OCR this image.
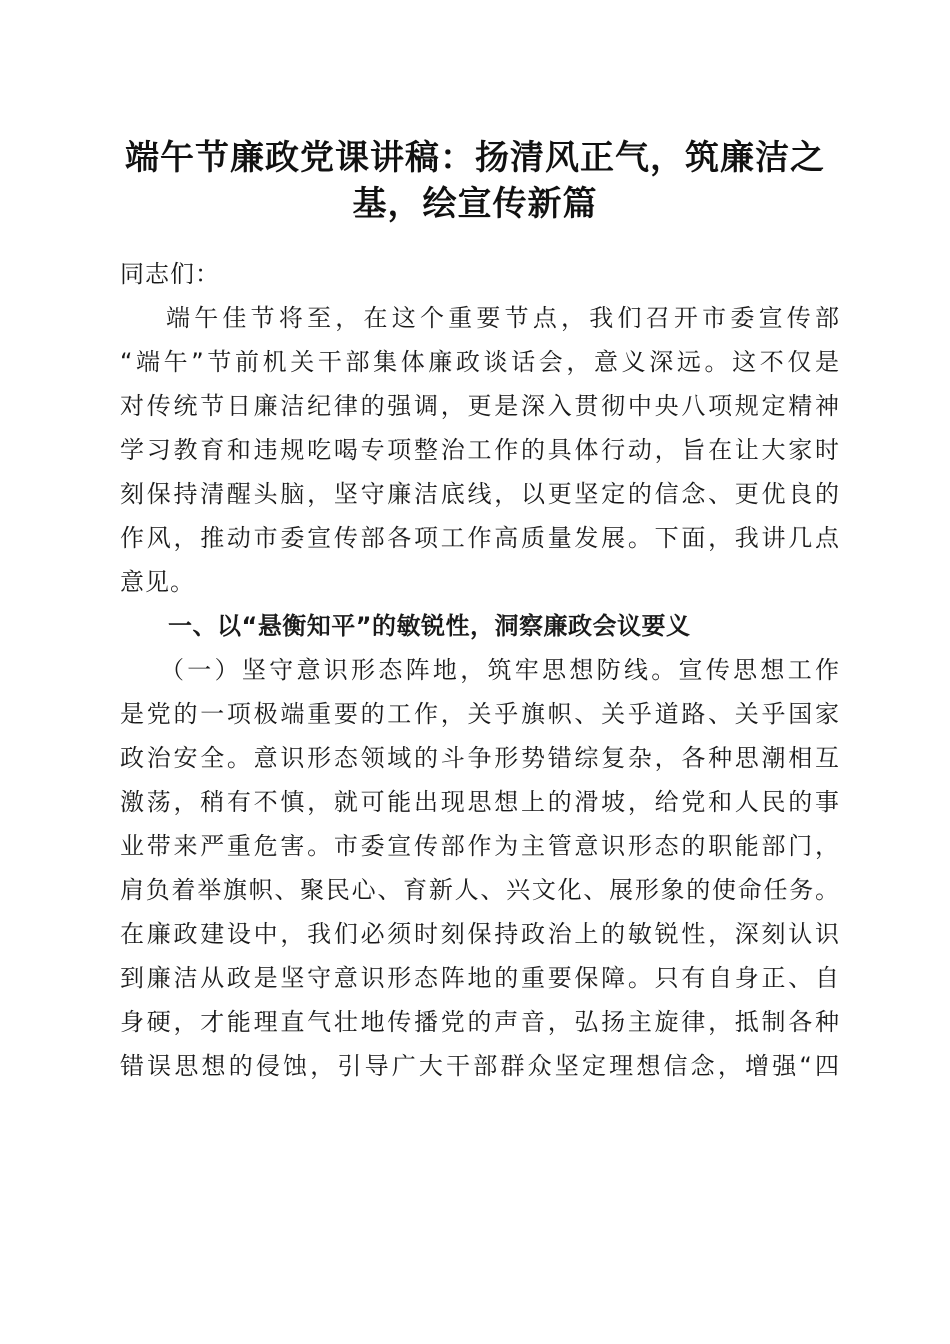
端午节廉政党课讲稿：扬清风正气，筑廉洁之
基，绘宣传新篇
同志们：
端午佳节将至，在这个重要节点，我们召开市委宣传部
“端午”节前机关干部集体廉政谈话会，意义深远。这不仅是
对传统节日廉洁纪律的强调，更是深入贯彻中央八项规定精神
学习教育和违规吃喝专项整治工作的具体行动，旨在让大家时
刻保持清醒头脑，坚守廉洁底线，以更坚定的信念、更优良的
作风，推动市委宣传部各项工作高质量发展。下面，我讲几点
意见。
一、以“悬衡知平”的敏锐性，洞察廉政会议要义
（一）坚守意识形态阵地，筑牢思想防线。宣传思想工作
是党的一项极端重要的工作，关乎旗帜、关乎道路、关乎国家
政治安全。意识形态领域的斗争形势错综复杂，各种思潮相互
激荡，稍有不慎，就可能出现思想上的滑坡，给党和人民的事
业带来严重危害。市委宣传部作为主管意识形态的职能部门，
肩负着举旗帜、聚民心、育新人、兴文化、展形象的使命任务。
在廉政建设中，我们必须时刻保持政治上的敏锐性，深刻认识
到廉洁从政是坚守意识形态阵地的重要保障。只有自身正、自
身硬，才能理直气壮地传播党的声音，弘扬主旋律，抵制各种
错误思想的侵蚀，引导广大干部群众坚定理想信念，增强“四
